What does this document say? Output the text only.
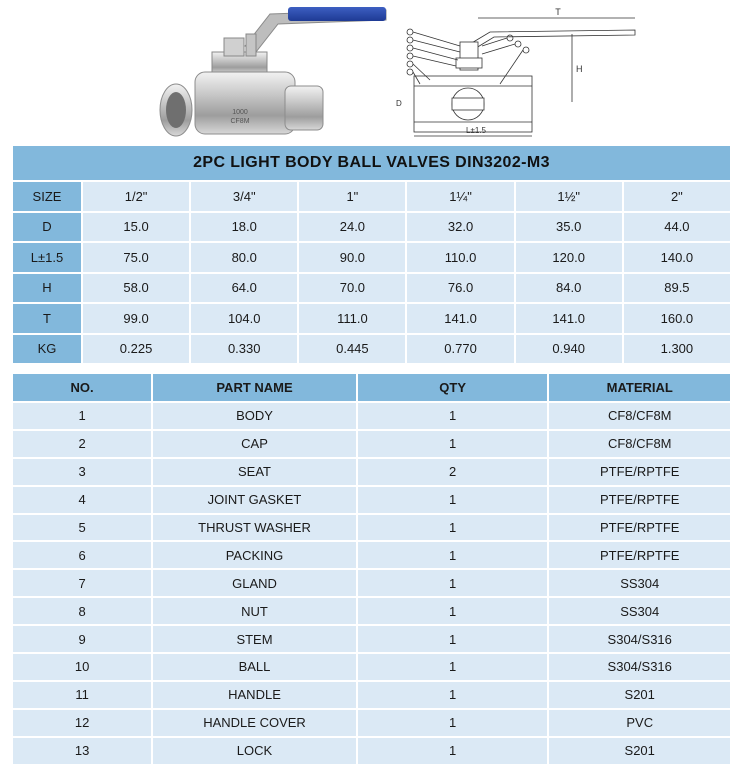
1000
CF8M
T
H
D
L±1.5
2PC LIGHT BODY BALL VALVES DIN3202-M3
SIZE	1/2"	3/4"	1"	1¼"	1½"	2"
D	15.0	18.0	24.0	32.0	35.0	44.0
L±1.5	75.0	80.0	90.0	110.0	120.0	140.0
H	58.0	64.0	70.0	76.0	84.0	89.5
T	99.0	104.0	111.0	141.0	141.0	160.0
KG	0.225	0.330	0.445	0.770	0.940	1.300
NO.	PART NAME	QTY	MATERIAL
1	BODY	1	CF8/CF8M
2	CAP	1	CF8/CF8M
3	SEAT	2	PTFE/RPTFE
4	JOINT GASKET	1	PTFE/RPTFE
5	THRUST WASHER	1	PTFE/RPTFE
6	PACKING	1	PTFE/RPTFE
7	GLAND	1	SS304
8	NUT	1	SS304
9	STEM	1	S304/S316
10	BALL	1	S304/S316
11	HANDLE	1	S201
12	HANDLE COVER	1	PVC
13	LOCK	1	S201
